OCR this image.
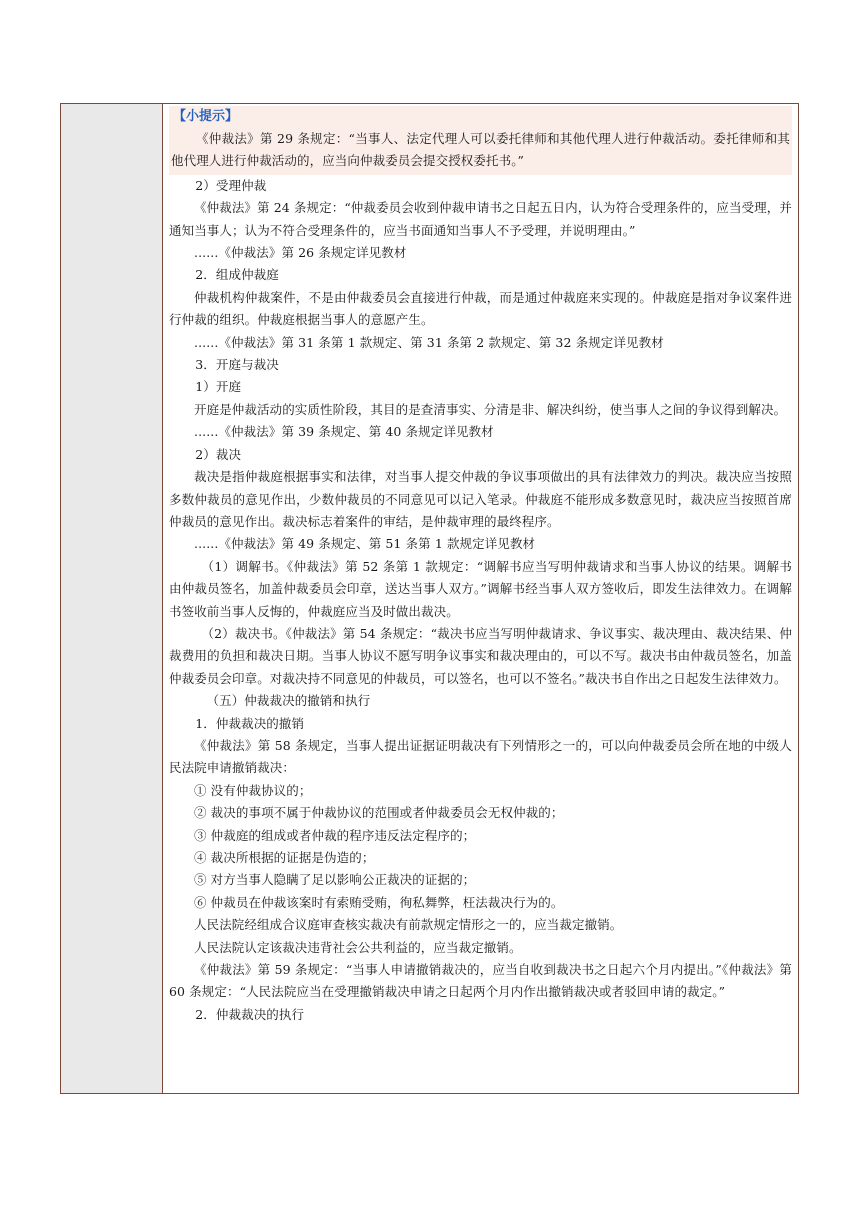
【小提示】

《仲裁法》第 29 条规定：“当事人、法定代理人可以委托律师和其他代理人进行仲裁活动。委托律师和其他代理人进行仲裁活动的，应当向仲裁委员会提交授权委托书。”

2）受理仲裁

《仲裁法》第 24 条规定：“仲裁委员会收到仲裁申请书之日起五日内，认为符合受理条件的，应当受理，并通知当事人；认为不符合受理条件的，应当书面通知当事人不予受理，并说明理由。”

......《仲裁法》第 26 条规定详见教材

2．组成仲裁庭

仲裁机构仲裁案件，不是由仲裁委员会直接进行仲裁，而是通过仲裁庭来实现的。仲裁庭是指对争议案件进行仲裁的组织。仲裁庭根据当事人的意愿产生。

......《仲裁法》第 31 条第 1 款规定、第 31 条第 2 款规定、第 32 条规定详见教材

3．开庭与裁决

1）开庭

开庭是仲裁活动的实质性阶段，其目的是查清事实、分清是非、解决纠纷，使当事人之间的争议得到解决。

......《仲裁法》第 39 条规定、第 40 条规定详见教材

2）裁决

裁决是指仲裁庭根据事实和法律，对当事人提交仲裁的争议事项做出的具有法律效力的判决。裁决应当按照多数仲裁员的意见作出，少数仲裁员的不同意见可以记入笔录。仲裁庭不能形成多数意见时，裁决应当按照首席仲裁员的意见作出。裁决标志着案件的审结，是仲裁审理的最终程序。

......《仲裁法》第 49 条规定、第 51 条第 1 款规定详见教材

（1）调解书。《仲裁法》第 52 条第 1 款规定：“调解书应当写明仲裁请求和当事人协议的结果。调解书由仲裁员签名，加盖仲裁委员会印章，送达当事人双方。”调解书经当事人双方签收后，即发生法律效力。在调解书签收前当事人反悔的，仲裁庭应当及时做出裁决。

（2）裁决书。《仲裁法》第 54 条规定：“裁决书应当写明仲裁请求、争议事实、裁决理由、裁决结果、仲裁费用的负担和裁决日期。当事人协议不愿写明争议事实和裁决理由的，可以不写。裁决书由仲裁员签名，加盖仲裁委员会印章。对裁决持不同意见的仲裁员，可以签名，也可以不签名。”裁决书自作出之日起发生法律效力。

（五）仲裁裁决的撤销和执行

1．仲裁裁决的撤销

《仲裁法》第 58 条规定，当事人提出证据证明裁决有下列情形之一的，可以向仲裁委员会所在地的中级人民法院申请撤销裁决：

① 没有仲裁协议的；

② 裁决的事项不属于仲裁协议的范围或者仲裁委员会无权仲裁的；

③ 仲裁庭的组成或者仲裁的程序违反法定程序的；

④ 裁决所根据的证据是伪造的；

⑤ 对方当事人隐瞒了足以影响公正裁决的证据的；

⑥ 仲裁员在仲裁该案时有索贿受贿，徇私舞弊，枉法裁决行为的。

人民法院经组成合议庭审查核实裁决有前款规定情形之一的，应当裁定撤销。

人民法院认定该裁决违背社会公共利益的，应当裁定撤销。

《仲裁法》第 59 条规定：“当事人申请撤销裁决的，应当自收到裁决书之日起六个月内提出。”《仲裁法》第 60 条规定：“人民法院应当在受理撤销裁决申请之日起两个月内作出撤销裁决或者驳回申请的裁定。”

2．仲裁裁决的执行
